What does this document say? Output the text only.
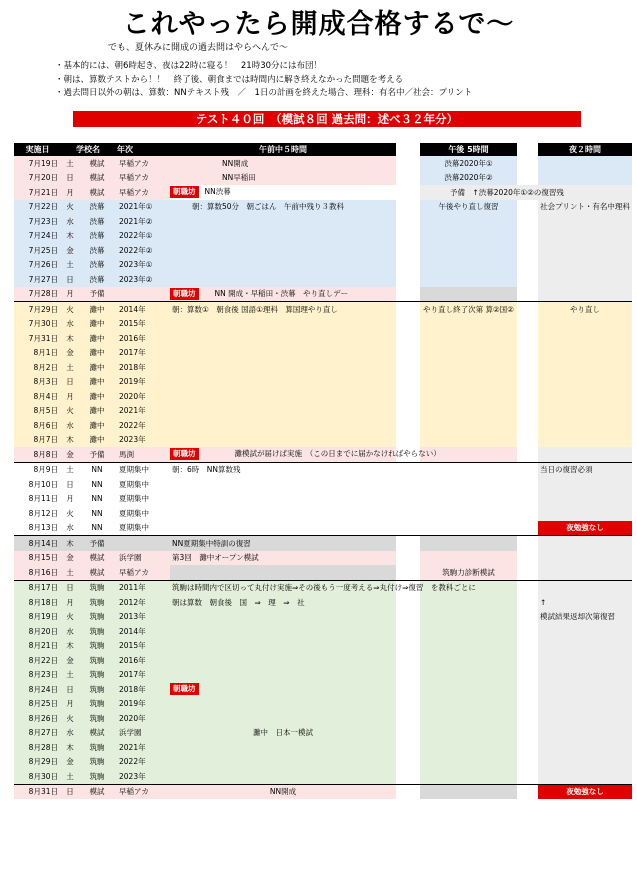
これやったら開成合格するで～
でも、夏休みに開成の過去問はやらへんで～
・基本的には、朝6時起き、夜は22時に寝る！　21時30分には布団！
・朝は、算数テストから！！　終了後、朝食までは時間内に解き終えなかった問題を考える
・過去問日以外の朝は、算数：NNテキスト残　／　1日の計画を終えた場合、理科：有名中／社会：プリント
テスト４０回　（模試８回 過去問：述べ３２年分）
実施日	学校名		年次	午前中５時間		午後 5時間		夜２時間
7月19日	土	模試	早稲アカ	NN開成		渋幕2020年①		
7月20日	日	模試	早稲アカ	NN早稲田		渋幕2020年②		
7月21日	月	模試	早稲アカ	朝職坊 NN渋幕		予備　↑渋幕2020年①②の復習残		
7月22日	火	渋幕	2021年①	朝：算数50分　朝ごはん　午前中残り３教科		午後やり直し復習		社会プリント・有名中理科
7月23日	水	渋幕	2021年②					
7月24日	木	渋幕	2022年①					
7月25日	金	渋幕	2022年②					
7月26日	土	渋幕	2023年①					
7月27日	日	渋幕	2023年②					
7月28日	月	予備		朝職坊 NN 開成・早稲田・渋幕　やり直しデー				
7月29日	火	灘中	2014年	朝：算数①　朝食後 国語①理科　算国理やり直し		やり直し終了次第 算②国②		やり直し
7月30日	水	灘中	2015年					
7月31日	木	灘中	2016年					
8月1日	金	灘中	2017年					
8月2日	土	灘中	2018年					
8月3日	日	灘中	2019年					
8月4日	月	灘中	2020年					
8月5日	火	灘中	2021年					
8月6日	水	灘中	2022年					
8月7日	木	灘中	2023年					
8月8日	金	予備	馬渕	朝職坊 灘模試が届けば実施　（この日までに届かなければやらない）				
8月9日	土	NN	夏期集中	朝：6時　NN算数残				当日の復習必須
8月10日	日	NN	夏期集中					
8月11日	月	NN	夏期集中					
8月12日	火	NN	夏期集中					
8月13日	水	NN	夏期集中					夜勉強なし
8月14日	木	予備		NN夏期集中特訓の復習				
8月15日	金	模試	浜学園	第3回　灘中オープン模試				
8月16日	土	模試	早稲アカ			筑駒力診断模試		
8月17日	日	筑駒	2011年	筑駒は時間内で区切って丸付け実施⇒その後もう一度考える⇒丸付け⇒復習　を教科ごとに				
8月18日	月	筑駒	2012年	朝は算数　朝食後　国　⇒　理　⇒　社				↑
8月19日	火	筑駒	2013年					模試結果返却次第復習
8月20日	水	筑駒	2014年					
8月21日	木	筑駒	2015年					
8月22日	金	筑駒	2016年					
8月23日	土	筑駒	2017年					
8月24日	日	筑駒	2018年	朝職坊				
8月25日	月	筑駒	2019年					
8月26日	火	筑駒	2020年					
8月27日	水	模試	浜学園	灘中　日本一模試				
8月28日	木	筑駒	2021年					
8月29日	金	筑駒	2022年					
8月30日	土	筑駒	2023年					
8月31日	日	模試	早稲アカ	NN開成				夜勉強なし
